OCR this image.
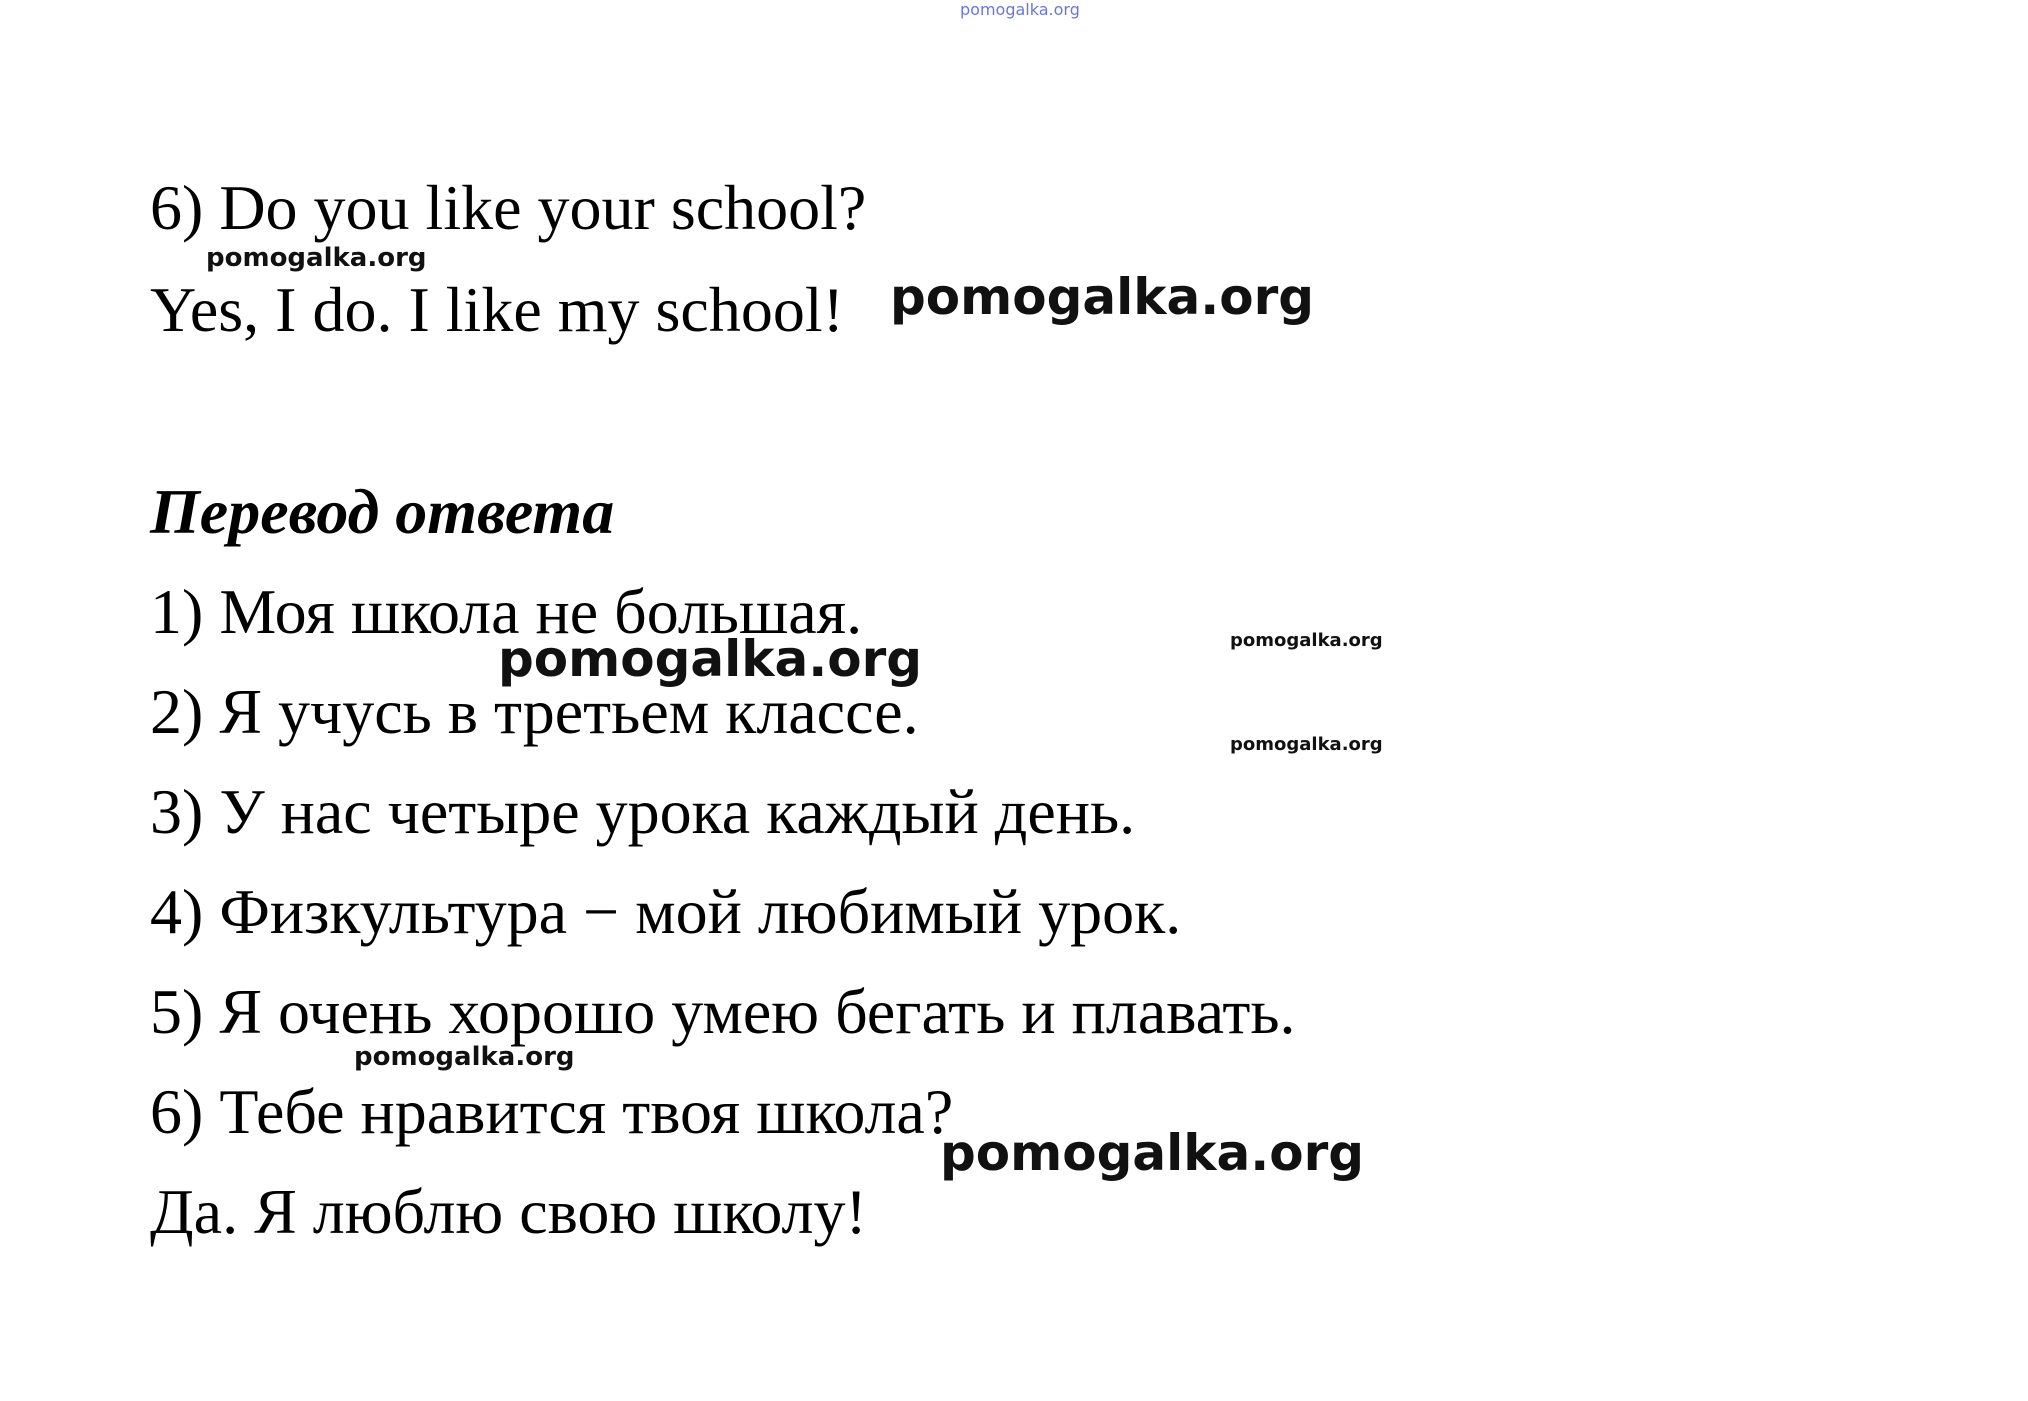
pomogalka.org
6) Do you like your school?
pomogalka.org
Yes, I do. I like my school! pomogalka.org
Перевод ответа
1) Моя школа не большая.
pomogalka.org	pomogalka.org
2) Я учусь в третьем классе.	pomogalka.org
3) У нас четыре урока каждый день.
4) Физкультура − мой любимый урок.
5) Я очень хорошо умею бегать и плавать.
pomogalka.org
6) Тебе нравится твоя школа?
pomogalka.org
Да. Я люблю свою школу!
